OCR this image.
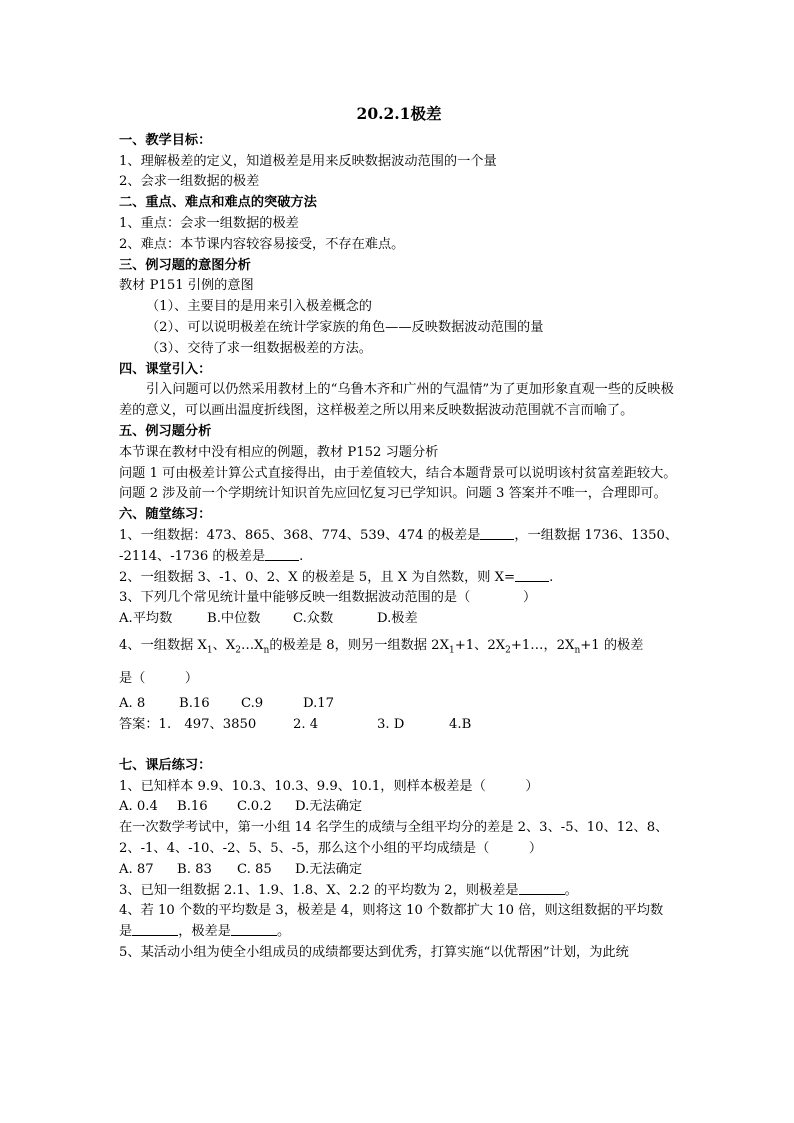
20.2.1极差
一、教学目标：
1、理解极差的定义，知道极差是用来反映数据波动范围的一个量
2、会求一组数据的极差
二、重点、难点和难点的突破方法
1、重点：会求一组数据的极差
2、难点：本节课内容较容易接受，不存在难点。
三、例习题的意图分析
教材 P151 引例的意图
（1）、主要目的是用来引入极差概念的
（2）、可以说明极差在统计学家族的角色——反映数据波动范围的量
（3）、交待了求一组数据极差的方法。
四、课堂引入：
引入问题可以仍然采用教材上的“乌鲁木齐和广州的气温情”为了更加形象直观一些的反映极差的意义，可以画出温度折线图，这样极差之所以用来反映数据波动范围就不言而喻了。
五、例习题分析
本节课在教材中没有相应的例题，教材 P152 习题分析
问题 1 可由极差计算公式直接得出，由于差值较大，结合本题背景可以说明该村贫富差距较大。问题 2 涉及前一个学期统计知识首先应回忆复习已学知识。问题 3 答案并不唯一，合理即可。
六、随堂练习：
1、一组数据：473、865、368、774、539、474 的极差是	，一组数据 1736、1350、
-2114、-1736 的极差是	.
2、一组数据 3、-1、0、2、X 的极差是 5，且 X 为自然数，则 X=	.
3、下列几个常见统计量中能够反映一组数据波动范围的是（　　　　）
A.平均数	B.中位数 C.众数	D.极差
4、一组数据 $X_1$、$X_2\dots X_n$的极差是 8，则另一组数据 $2X_1+1$、$2X_2+1\dots$，$2X_n+1$ 的极差
是（　　　）
A. 8	B.16 C.9	D.17
答案：1.　497、3850	2. 4	3. D	4.B
七、课后练习：
1、已知样本 9.9、10.3、10.3、9.9、10.1，则样本极差是（　　　）
A. 0.4 B.16 C.0.2 D.无法确定
在一次数学考试中，第一小组 14 名学生的成绩与全组平均分的差是 2、3、-5、10、12、8、2、-1、4、-10、-2、5、5、-5，那么这个小组的平均成绩是（　　　）
A. 87 B. 83 C. 85 D.无法确定
3、已知一组数据 2.1、1.9、1.8、X、2.2 的平均数为 2，则极差是	。
4、若 10 个数的平均数是 3，极差是 4，则将这 10 个数都扩大 10 倍，则这组数据的平均数
是	，极差是	。
5、某活动小组为使全小组成员的成绩都要达到优秀，打算实施“以优帮困”计划，为此统
